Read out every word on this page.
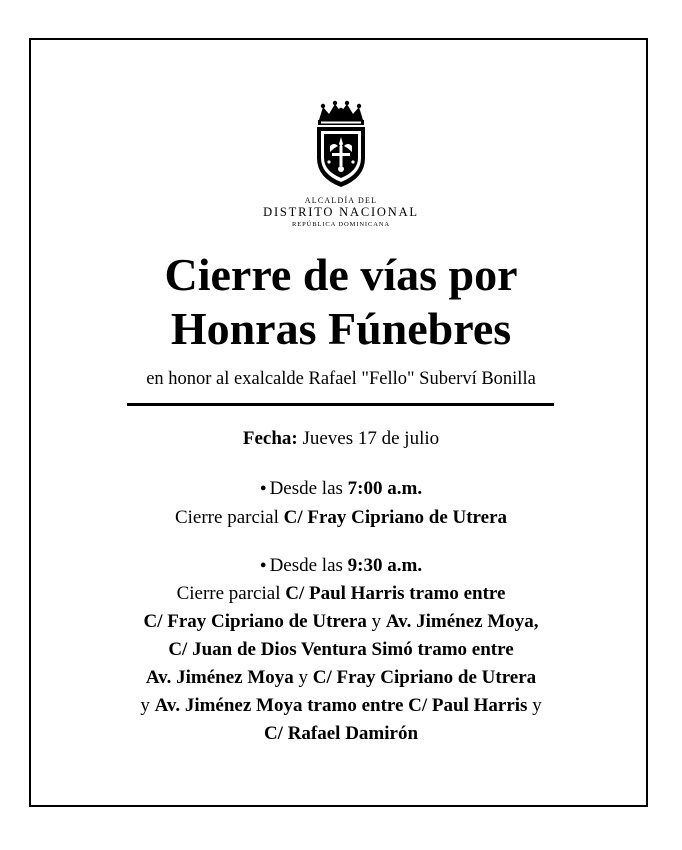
ALCALDÍA DEL
DISTRITO NACIONAL
REPÚBLICA DOMINICANA
Cierre de vías por
Honras Fúnebres
en honor al exalcalde Rafael "Fello" Suberví Bonilla
Fecha: Jueves 17 de julio
● Desde las 7:00 a.m.
Cierre parcial C/ Fray Cipriano de Utrera
● Desde las 9:30 a.m.
Cierre parcial C/ Paul Harris tramo entre
C/ Fray Cipriano de Utrera y Av. Jiménez Moya,
C/ Juan de Dios Ventura Simó tramo entre
Av. Jiménez Moya y C/ Fray Cipriano de Utrera
y Av. Jiménez Moya tramo entre C/ Paul Harris y
C/ Rafael Damirón
